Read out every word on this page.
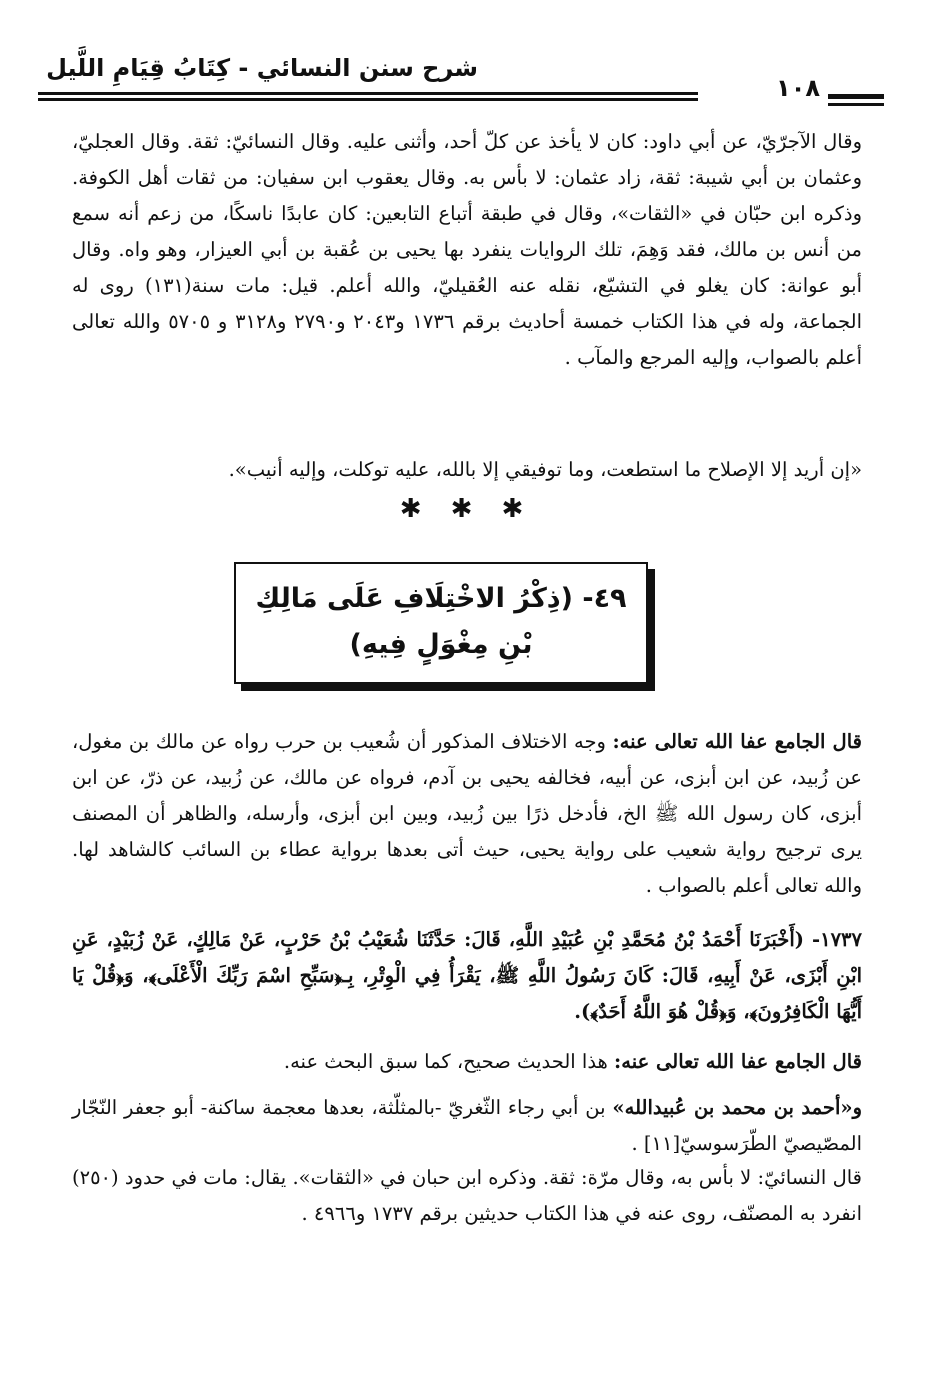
شرح سنن النسائي - كِتَابُ قِيَامِ اللَّيل
١٠٨
وقال الآجرّيّ، عن أبي داود: كان لا يأخذ عن كلّ أحد، وأثنى عليه. وقال النسائيّ: ثقة. وقال العجليّ، وعثمان بن أبي شيبة: ثقة، زاد عثمان: لا بأس به. وقال يعقوب ابن سفيان: من ثقات أهل الكوفة. وذكره ابن حبّان في «الثقات»، وقال في طبقة أتباع التابعين: كان عابدًا ناسكًا، من زعم أنه سمع من أنس بن مالك، فقد وَهِمَ، تلك الروايات ينفرد بها يحيى بن عُقبة بن أبي العيزار، وهو واه. وقال أبو عوانة: كان يغلو في التشيّع، نقله عنه العُقيليّ، والله أعلم. قيل: مات سنة(١٣١) روى له الجماعة، وله في هذا الكتاب خمسة أحاديث برقم ١٧٣٦ و٢٠٤٣ و٢٧٩٠ و٣١٢٨ و ٥٧٠٥ والله تعالى أعلم بالصواب، وإليه المرجع والمآب .
«إن أريد إلا الإصلاح ما استطعت، وما توفيقي إلا بالله، عليه توكلت، وإليه أنيب».
✱ ✱ ✱
٤٩- (ذِكْرُ الاخْتِلَافِ عَلَى مَالِكِ بْنِ مِغْوَلٍ فِيهِ)
قال الجامع عفا الله تعالى عنه: وجه الاختلاف المذكور أن شُعيب بن حرب رواه عن مالك بن مغول، عن زُبيد، عن ابن أبزى، عن أبيه، فخالفه يحيى بن آدم، فرواه عن مالك، عن زُبيد، عن ذرّ، عن ابن أبزى، كان رسول الله ﷺ الخ، فأدخل ذرًا بين زُبيد، وبين ابن أبزى، وأرسله، والظاهر أن المصنف يرى ترجيح رواية شعيب على رواية يحيى، حيث أتى بعدها برواية عطاء بن السائب كالشاهد لها. والله تعالى أعلم بالصواب .
١٧٣٧- (أَخْبَرَنَا أَحْمَدُ بْنُ مُحَمَّدِ بْنِ عُبَيْدِ اللَّهِ، قَالَ: حَدَّثَنَا شُعَيْبُ بْنُ حَرْبٍ، عَنْ مَالِكٍ، عَنْ زُبَيْدٍ، عَنِ ابْنِ أَبْزَى، عَنْ أَبِيهِ، قَالَ: كَانَ رَسُولُ اللَّهِ ﷺ، يَقْرَأُ فِي الْوِتْرِ، بِـ﴿سَبِّحِ اسْمَ رَبِّكَ الْأَعْلَى﴾، وَ﴿قُلْ يَا أَيُّهَا الْكَافِرُونَ﴾، وَ﴿قُلْ هُوَ اللَّهُ أَحَدٌ﴾).
قال الجامع عفا الله تعالى عنه: هذا الحديث صحيح، كما سبق البحث عنه.
و«أحمد بن محمد بن عُبيدالله» بن أبي رجاء الثّغريّ -بالمثلّثة، بعدها معجمة ساكنة- أبو جعفر النّجّار المصّيصيّ الطّرَسوسيّ[١١] .
قال النسائيّ: لا بأس به، وقال مرّة: ثقة. وذكره ابن حبان في «الثقات». يقال: مات في حدود (٢٥٠) انفرد به المصنّف، روى عنه في هذا الكتاب حديثين برقم ١٧٣٧ و٤٩٦٦ .
